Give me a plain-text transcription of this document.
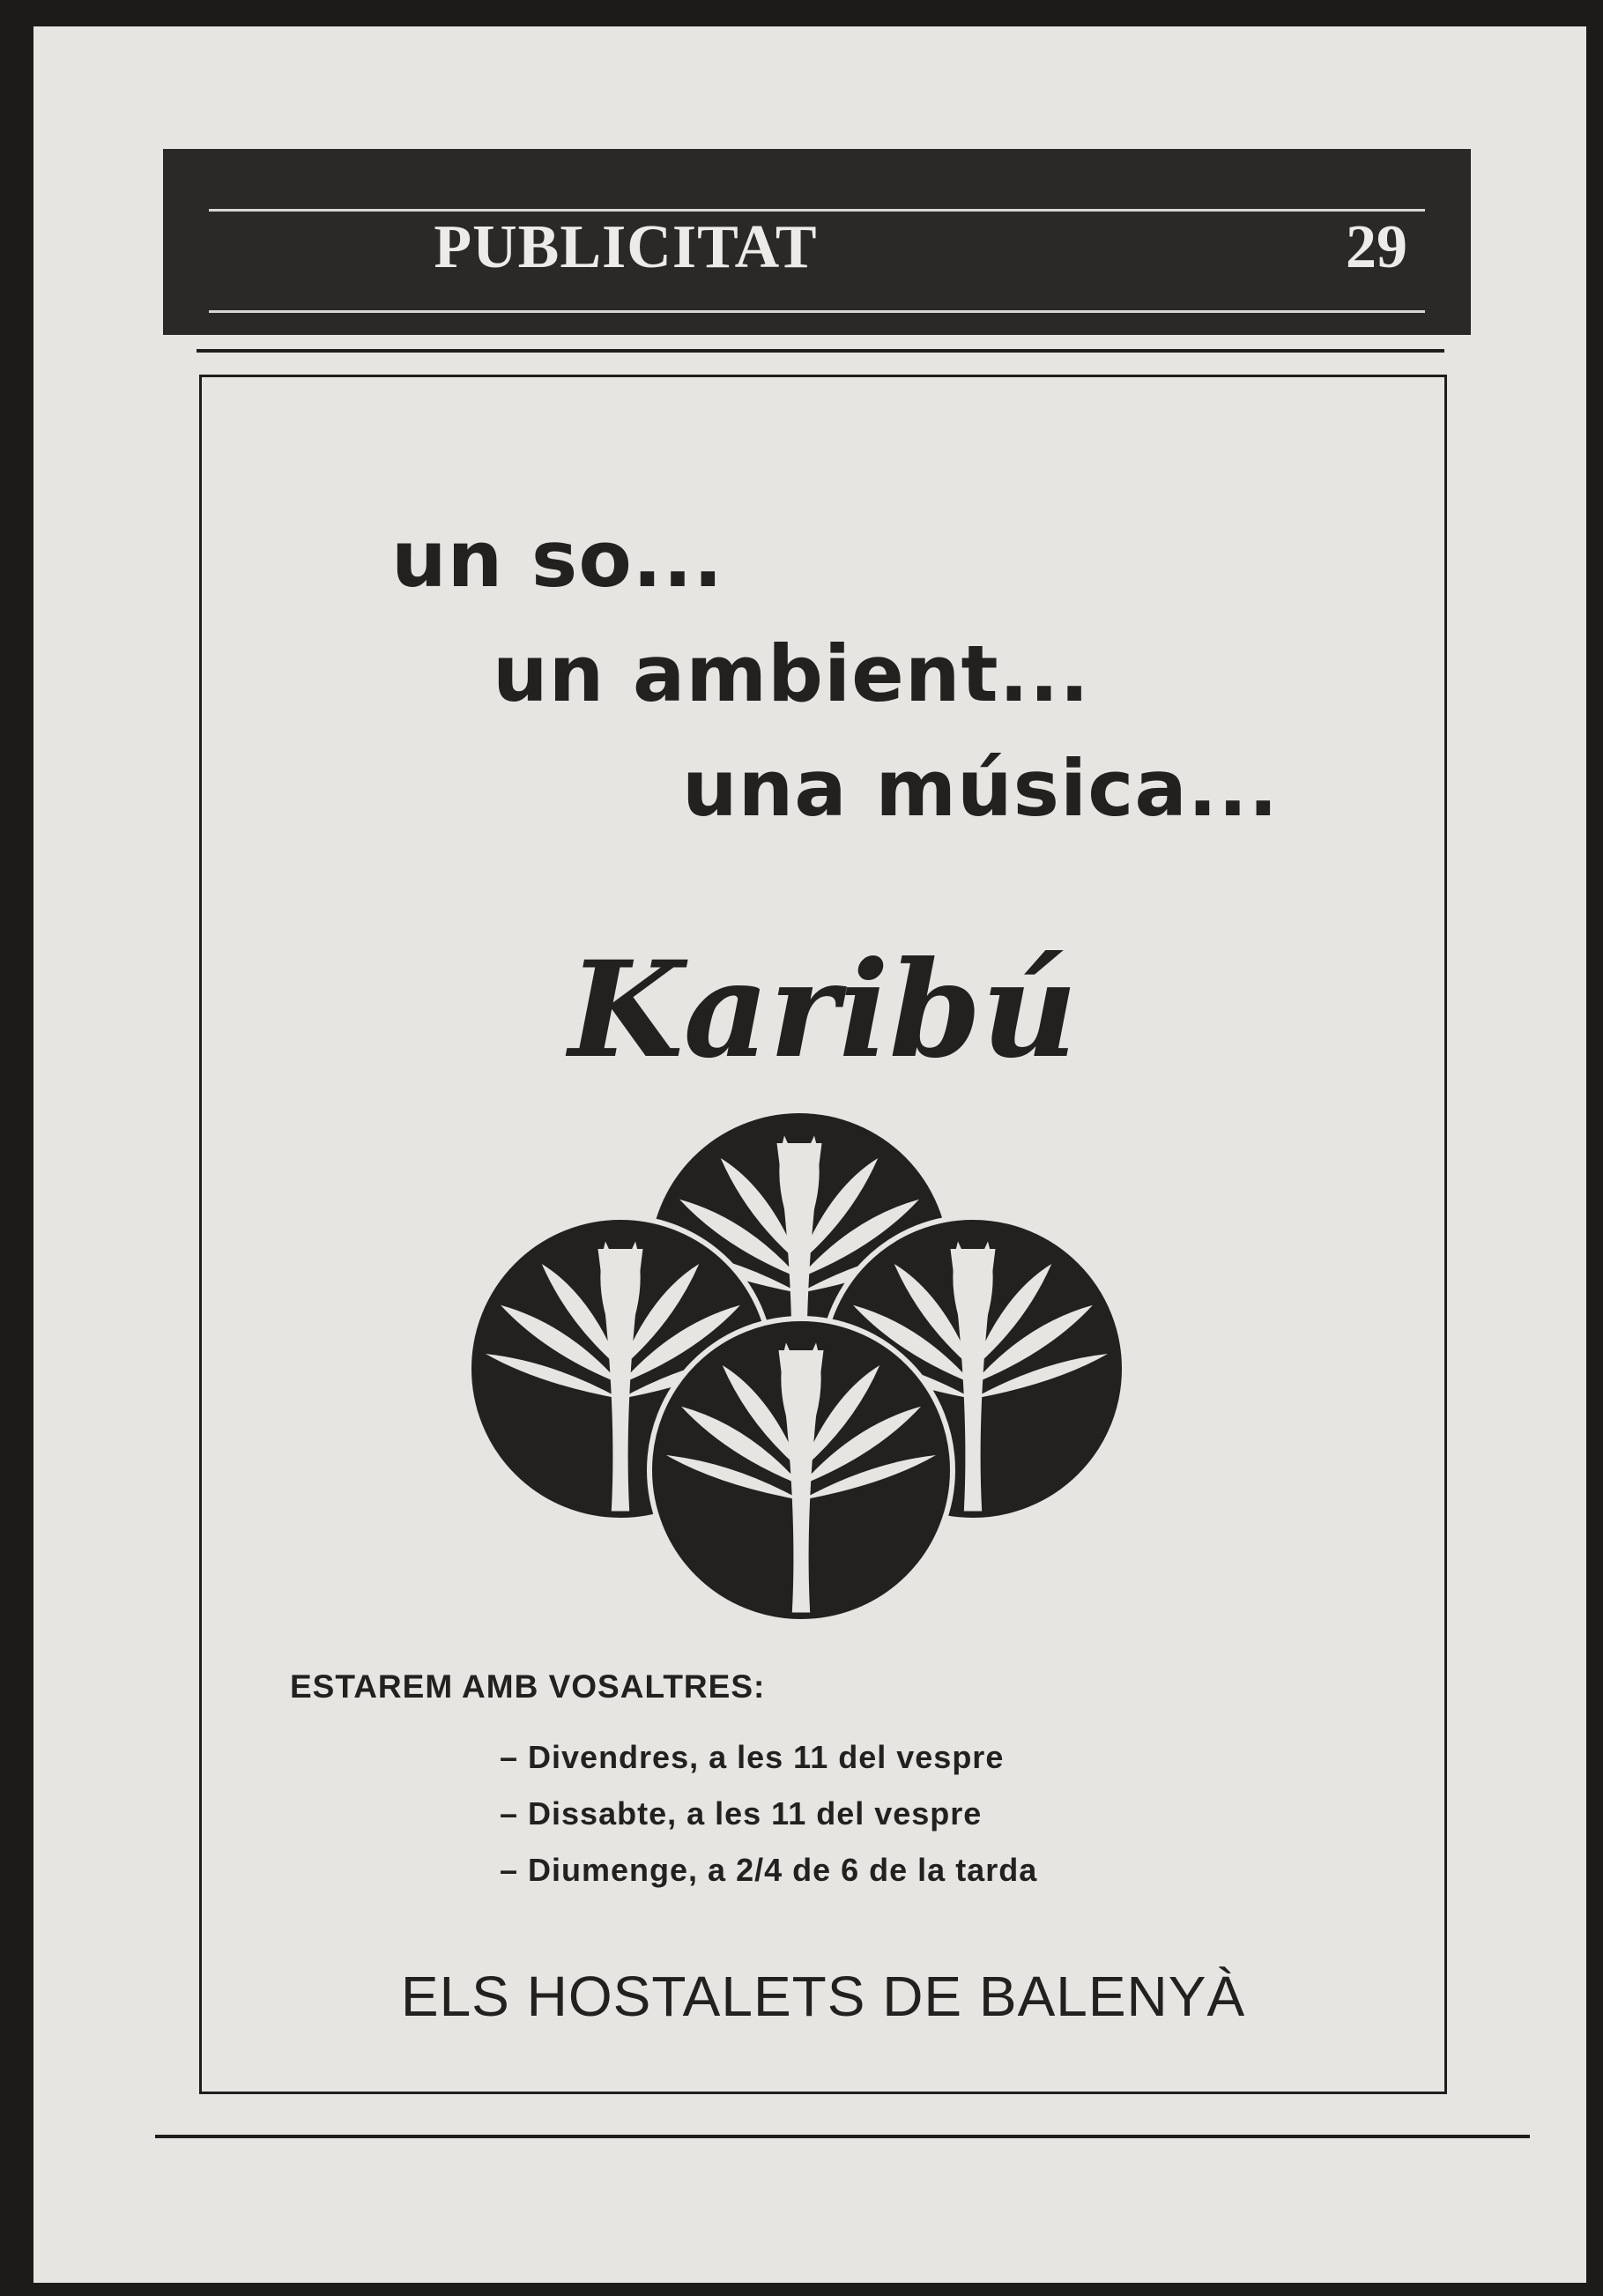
PUBLICITAT	29
un so...
un ambient...
una música...
Karibú
ESTAREM AMB VOSALTRES:
– Divendres, a les 11 del vespre
– Dissabte, a les 11 del vespre
– Diumenge, a 2/4 de 6 de la tarda
ELS HOSTALETS DE BALENYÀ
